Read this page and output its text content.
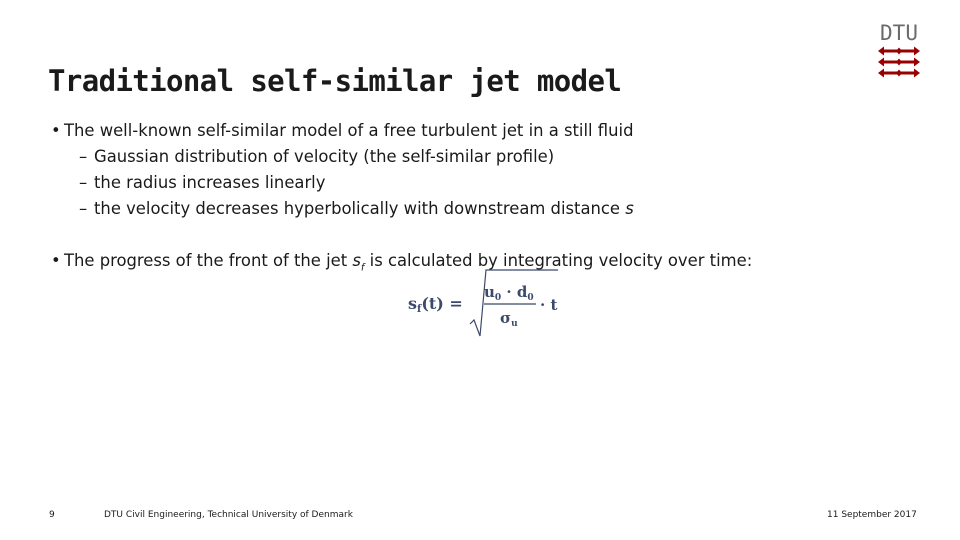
Traditional self-similar jet model
DTU
• The well-known self-similar model of a free turbulent jet in a still fluid
– Gaussian distribution of velocity (the self-similar profile)
– the radius increases linearly
– the velocity decreases hyperbolically with downstream distance s
• The progress of the front of the jet $s_f$ is calculated by integrating velocity over time:
sf(t) =
$u_0 \cdot d_0$
$\sigma_u$
· t
9	DTU Civil Engineering, Technical University of Denmark	11 September 2017
